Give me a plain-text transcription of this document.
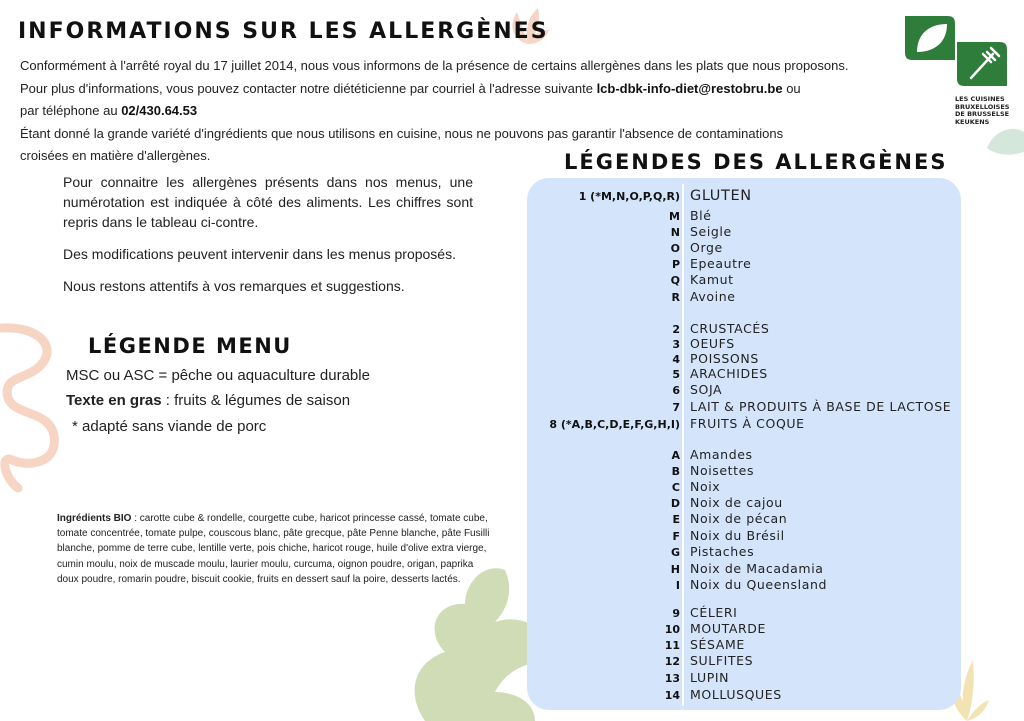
INFORMATIONS SUR LES ALLERGÈNES

Conformément à l'arrêté royal du 17 juillet 2014, nous vous informons de la présence de certains allergènes dans les plats que nous proposons.

Pour plus d'informations, vous pouvez contacter notre diététicienne par courriel à l'adresse suivante lcb-dbk-info-diet@restobru.be ou

par téléphone au 02/430.64.53

Étant donné la grande variété d'ingrédients que nous utilisons en cuisine, nous ne pouvons pas garantir l'absence de contaminations

croisées en matière d'allergènes.

Pour connaitre les allergènes présents dans nos menus, une numérotation est indiquée à côté des aliments. Les chiffres sont repris dans le tableau ci-contre.

Des modifications peuvent intervenir dans les menus proposés.

Nous restons attentifs à vos remarques et suggestions.

LÉGENDE MENU
MSC ou ASC = pêche ou aquaculture durable
Texte en gras : fruits & légumes de saison
* adapté sans viande de porc
Ingrédients BIO : carotte cube & rondelle, courgette cube, haricot princesse cassé, tomate cube, tomate concentrée, tomate pulpe, couscous blanc, pâte grecque, pâte Penne blanche, pâte Fusilli blanche, pomme de terre cube, lentille verte, pois chiche, haricot rouge, huile d'olive extra vierge, cumin moulu, noix de muscade moulu, laurier moulu, curcuma, oignon poudre, origan, paprika doux poudre, romarin poudre, biscuit cookie, fruits en dessert sauf la poire, desserts lactés.
LÉGENDES DES ALLERGÈNES
1 (*M,N,O,P,Q,R) GLUTEN
M Blé
N Seigle
O Orge
P Epeautre
Q Kamut
R Avoine
2 CRUSTACÉS
3 OEUFS
4 POISSONS
5 ARACHIDES
6 SOJA
7 LAIT & PRODUITS À BASE DE LACTOSE
8 (*A,B,C,D,E,F,G,H,I) FRUITS À COQUE
A Amandes
B Noisettes
C Noix
D Noix de cajou
E Noix de pécan
F Noix du Brésil
G Pistaches
H Noix de Macadamia
I Noix du Queensland
9 CÉLERI
10 MOUTARDE
11 SÉSAME
12 SULFITES
13 LUPIN
14 MOLLUSQUES
LES CUISINES
BRUXELLOISES
DE BRUSSELSE
KEUKENS
